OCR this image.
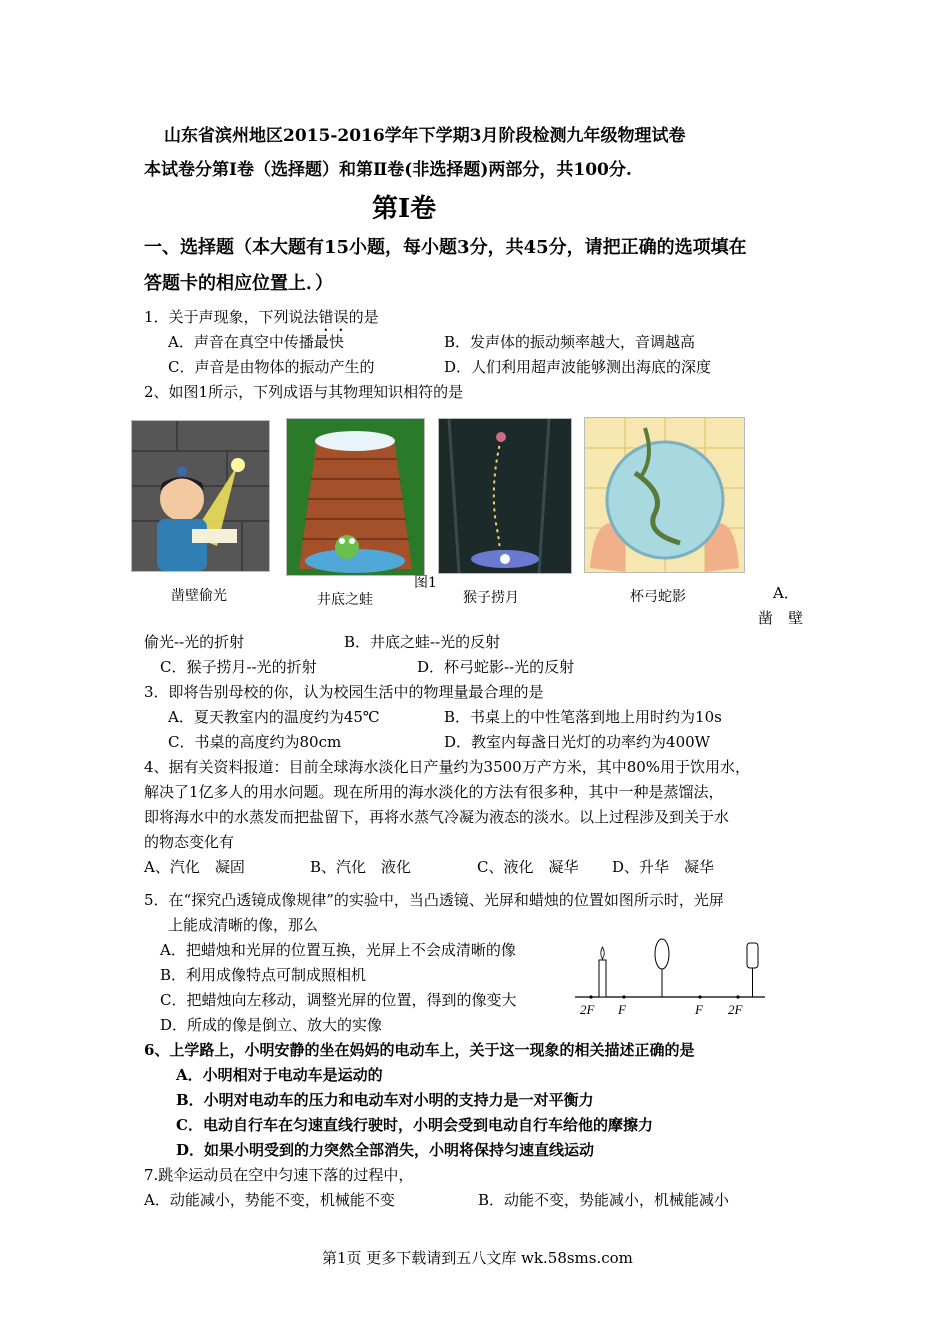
山东省滨州地区2015-2016学年下学期3月阶段检测九年级物理试卷
本试卷分第Ⅰ卷（选择题）和第Ⅱ卷(非选择题)两部分，共100分.
第Ⅰ卷
一、选择题（本大题有15小题，每小题3分，共45分，请把正确的选项填在
答题卡的相应位置上．）
1．关于声现象，下列说法错误的是
A．声音在真空中传播最快	B．发声体的振动频率越大，音调越高
C．声音是由物体的振动产生的	D．人们利用超声波能够测出海底的深度
2、如图1所示，下列成语与其物理知识相符的是
凿壁偷光	井底之蛙
图1
猴子捞月	杯弓蛇影	A．
凿　壁
偷光--光的折射	B．井底之蛙--光的反射
C．猴子捞月--光的折射	D．杯弓蛇影--光的反射
3．即将告别母校的你，认为校园生活中的物理量最合理的是
A．夏天教室内的温度约为45℃	B．书桌上的中性笔落到地上用时约为10s
C．书桌的高度约为80cm	D．教室内每盏日光灯的功率约为400W
4、据有关资料报道：目前全球海水淡化日产量约为3500万产方米，其中80%用于饮用水，
解决了1亿多人的用水问题。现在所用的海水淡化的方法有很多种，其中一种是蒸馏法，
即将海水中的水蒸发而把盐留下，再将水蒸气冷凝为液态的淡水。以上过程涉及到关于水
的物态变化有
A、汽化　凝固	B、汽化　液化	C、液化　凝华 D、升华　凝华
5．在“探究凸透镜成像规律”的实验中，当凸透镜、光屏和蜡烛的位置如图所示时，光屏
上能成清晰的像，那么
A．把蜡烛和光屏的位置互换，光屏上不会成清晰的像
B．利用成像特点可制成照相机
C．把蜡烛向左移动，调整光屏的位置，得到的像变大
D．所成的像是倒立、放大的实像
2F F	F 2F
6、上学路上，小明安静的坐在妈妈的电动车上，关于这一现象的相关描述正确的是
A．小明相对于电动车是运动的
B．小明对电动车的压力和电动车对小明的支持力是一对平衡力
C．电动自行车在匀速直线行驶时，小明会受到电动自行车给他的摩擦力
D．如果小明受到的力突然全部消失，小明将保持匀速直线运动
7.跳伞运动员在空中匀速下落的过程中，
A．动能减小，势能不变，机械能不变	B．动能不变，势能减小，机械能减小
第1页 更多下载请到五八文库 wk.58sms.com
